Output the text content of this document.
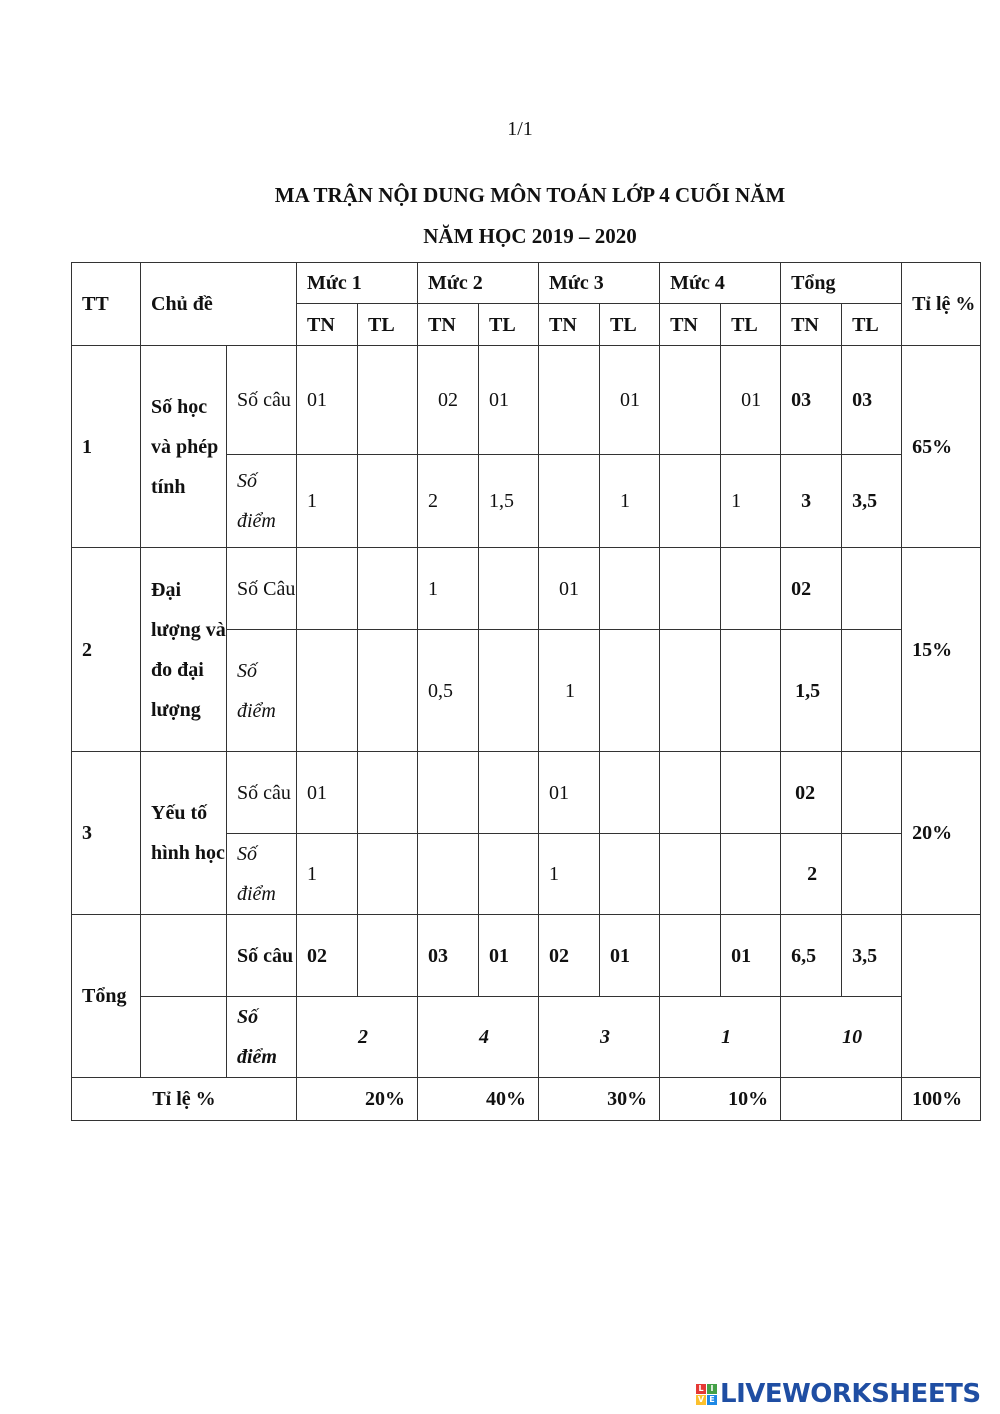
1/1
MA TRẬN NỘI DUNG MÔN TOÁN LỚP 4 CUỐI NĂM
NĂM HỌC 2019 – 2020
TT	Chủ đề		Mức 1		Mức 2		Mức 3		Mức 4		Tổng		Tỉ lệ %
			TN	TL	TN	TL	TN	TL	TN	TL	TN	TL	
1	Số học và phép tính	Số câu	01		02	01		01		01	03	03	65%
		Số điểm	1		2	1,5		1		1	3	3,5	
2	Đại lượng và đo đại lượng	Số Câu			1		01				02		15%
		Số điểm			0,5		1				1,5		
3	Yếu tố hình học	Số câu	01				01				02		20%
		Số điểm	1				1				2		
Tổng		Số câu	02		03	01	02	01		01	6,5	3,5	
		Số điểm	2		4		3		1		10		
Tỉ lệ %			20%		40%		30%		10%				100%
L I
V E LIVEWORKSHEETS
